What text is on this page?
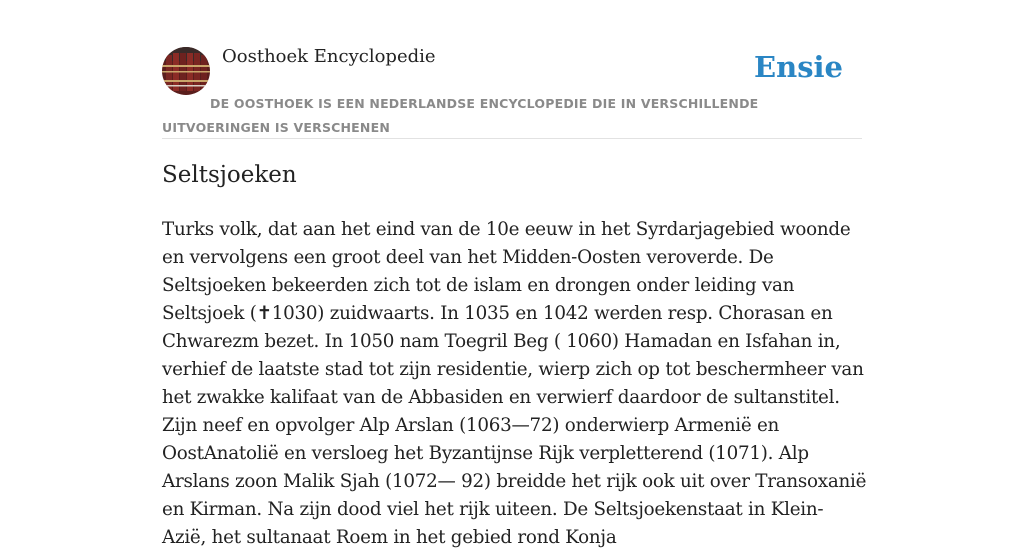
Oosthoek Encyclopedie	Ensie
DE OOSTHOEK IS EEN NEDERLANDSE ENCYCLOPEDIE DIE IN VERSCHILLENDE UITVOERINGEN IS VERSCHENEN
Seltsjoeken

Turks volk, dat aan het eind van de 10e eeuw in het Syrdarjagebied woonde en vervolgens een groot deel van het Midden-Oosten veroverde. De Seltsjoeken bekeerden zich tot de islam en drongen onder leiding van Seltsjoek (✝1030) zuidwaarts. In 1035 en 1042 werden resp. Chorasan en Chwarezm bezet. In 1050 nam Toegril Beg ( 1060) Hamadan en Isfahan in, verhief de laatste stad tot zijn residentie, wierp zich op tot beschermheer van het zwakke kalifaat van de Abbasiden en verwierf daardoor de sultanstitel. Zijn neef en opvolger Alp Arslan (1063—72) onderwierp Armenië en OostAnatolië en versloeg het Byzantijnse Rijk verpletterend (1071). Alp Arslans zoon Malik Sjah (1072— 92) breidde het rijk ook uit over Transoxanië en Kirman. Na zijn dood viel het rijk uiteen. De Seltsjoekenstaat in Klein-Azië, het sultanaat Roem in het gebied rond Konja
